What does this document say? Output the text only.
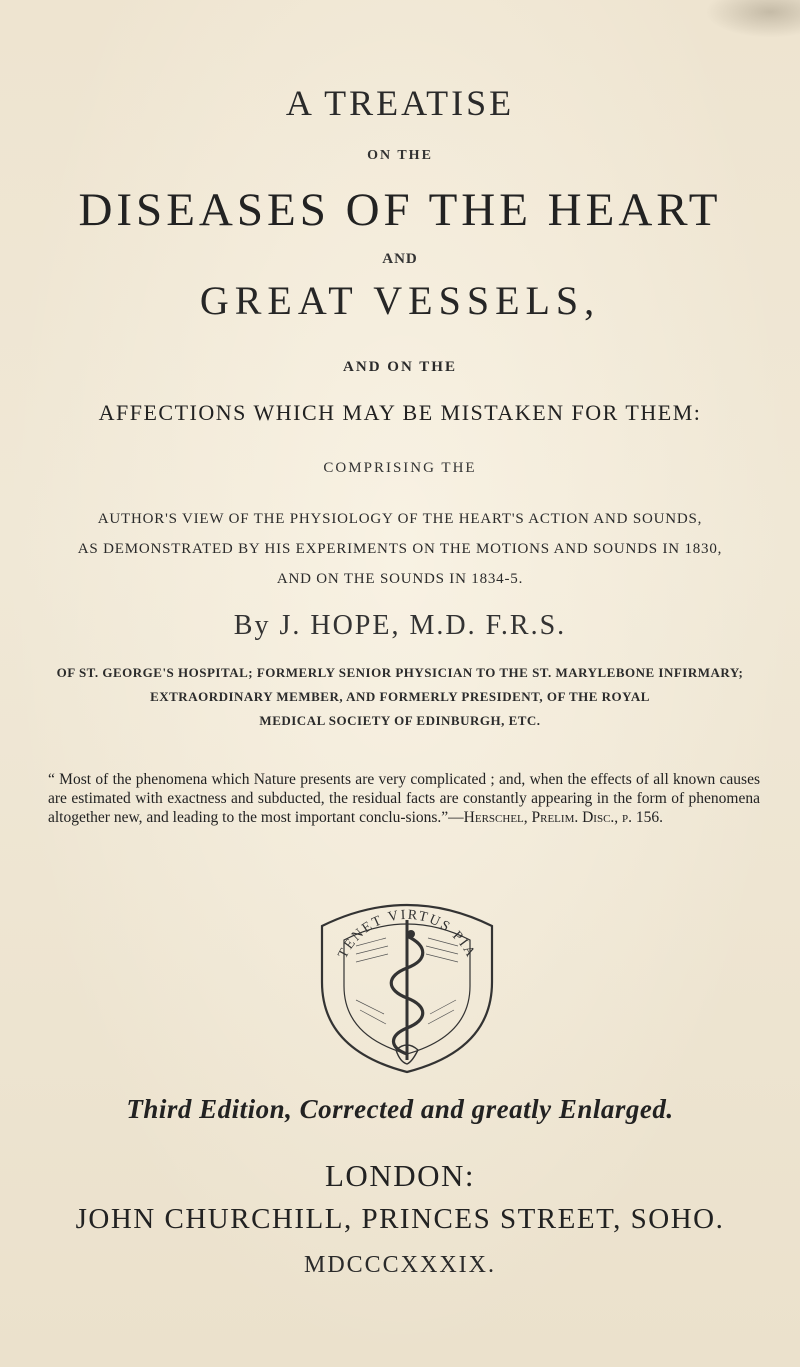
A TREATISE
ON THE
DISEASES OF THE HEART
AND
GREAT VESSELS,
AND ON THE
AFFECTIONS WHICH MAY BE MISTAKEN FOR THEM:
COMPRISING THE
AUTHOR'S VIEW OF THE PHYSIOLOGY OF THE HEART'S ACTION AND SOUNDS,
AS DEMONSTRATED BY HIS EXPERIMENTS ON THE MOTIONS AND SOUNDS IN 1830,
AND ON THE SOUNDS IN 1834-5.
By J. HOPE, M.D. F.R.S.
OF ST. GEORGE'S HOSPITAL; FORMERLY SENIOR PHYSICIAN TO THE ST. MARYLEBONE INFIRMARY;
EXTRAORDINARY MEMBER, AND FORMERLY PRESIDENT, OF THE ROYAL
MEDICAL SOCIETY OF EDINBURGH, ETC.
“ Most of the phenomena which Nature presents are very complicated ; and, when the effects of all known causes are estimated with exactness and subducted, the residual facts are constantly appearing in the form of phenomena altogether new, and leading to the most important conclu-sions.”—Herschel, Prelim. Disc., p. 156.
TENET VIRTUS PIA
Third Edition, Corrected and greatly Enlarged.
LONDON:
JOHN CHURCHILL, PRINCES STREET, SOHO.
MDCCCXXXIX.
